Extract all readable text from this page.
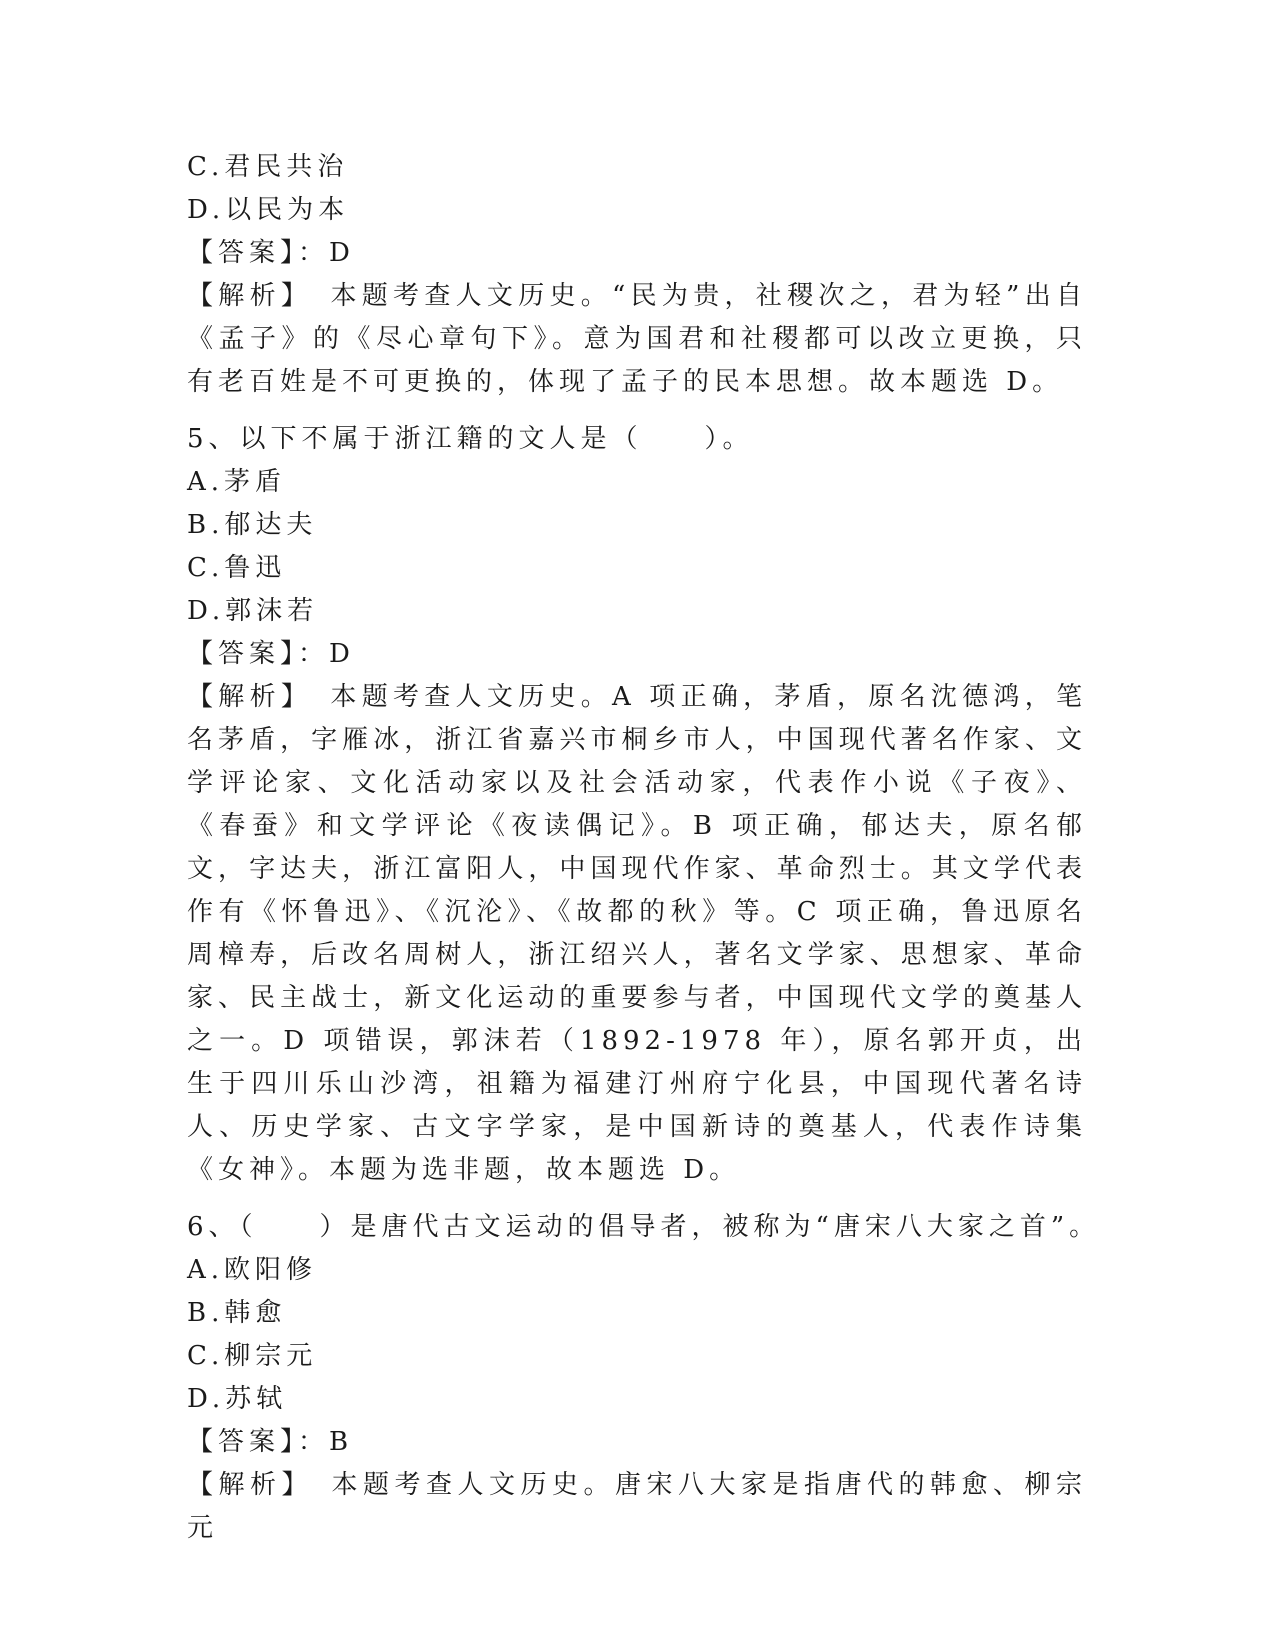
C.君民共治
D.以民为本
【答案】：D
【解析】　本题考查人文历史。“民为贵，社稷次之，君为轻”出自《孟子》的《尽心章句下》。意为国君和社稷都可以改立更换，只有老百姓是不可更换的，体现了孟子的民本思想。故本题选 D。
5、以下不属于浙江籍的文人是（　　）。
A.茅盾
B.郁达夫
C.鲁迅
D.郭沫若
【答案】：D
【解析】　本题考查人文历史。A 项正确，茅盾，原名沈德鸿，笔名茅盾，字雁冰，浙江省嘉兴市桐乡市人，中国现代著名作家、文学评论家、文化活动家以及社会活动家，代表作小说《子夜》、《春蚕》和文学评论《夜读偶记》。B 项正确，郁达夫，原名郁文，字达夫，浙江富阳人，中国现代作家、革命烈士。其文学代表作有《怀鲁迅》、《沉沦》、《故都的秋》等。C 项正确，鲁迅原名周樟寿，后改名周树人，浙江绍兴人，著名文学家、思想家、革命家、民主战士，新文化运动的重要参与者，中国现代文学的奠基人之一。D 项错误，郭沫若（1892-1978 年），原名郭开贞，出生于四川乐山沙湾，祖籍为福建汀州府宁化县，中国现代著名诗人、历史学家、古文字学家，是中国新诗的奠基人，代表作诗集《女神》。本题为选非题，故本题选 D。
6、（　　）是唐代古文运动的倡导者，被称为“唐宋八大家之首”。
A.欧阳修
B.韩愈
C.柳宗元
D.苏轼
【答案】：B
【解析】　本题考查人文历史。唐宋八大家是指唐代的韩愈、柳宗元
